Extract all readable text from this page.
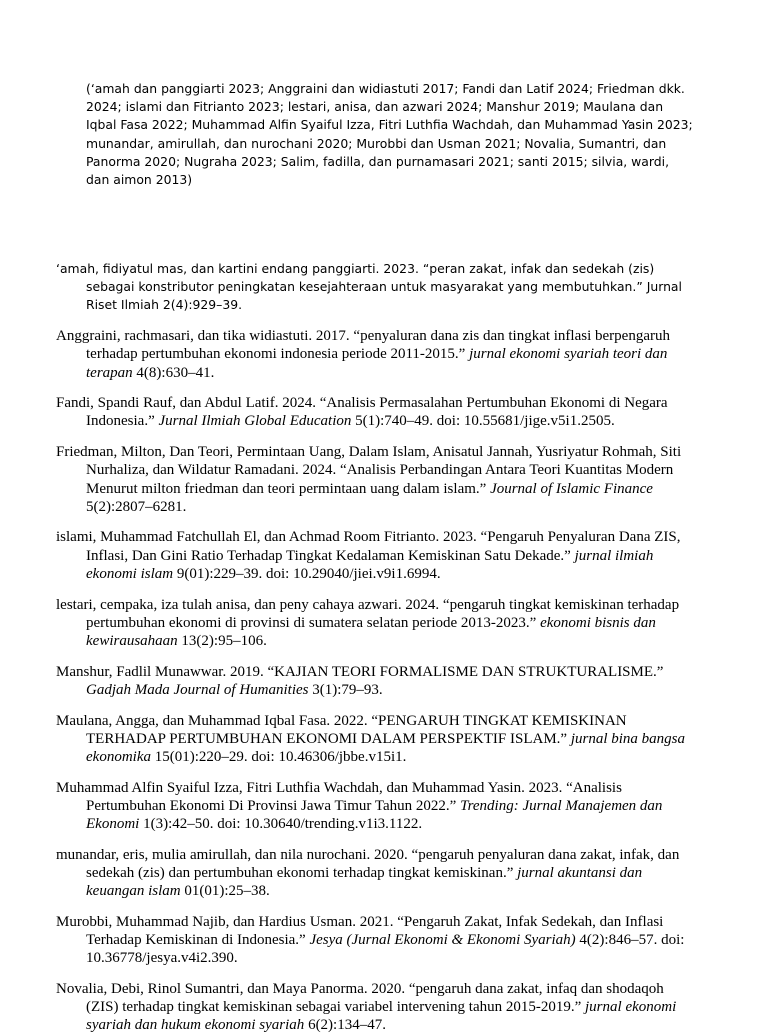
(‘amah dan panggiarti 2023; Anggraini dan widiastuti 2017; Fandi dan Latif 2024; Friedman dkk. 2024; islami dan Fitrianto 2023; lestari, anisa, dan azwari 2024; Manshur 2019; Maulana dan Iqbal Fasa 2022; Muhammad Alfin Syaiful Izza, Fitri Luthfia Wachdah, dan Muhammad Yasin 2023; munandar, amirullah, dan nurochani 2020; Murobbi dan Usman 2021; Novalia, Sumantri, dan Panorma 2020; Nugraha 2023; Salim, fadilla, dan purnamasari 2021; santi 2015; silvia, wardi, dan aimon 2013)

‘amah, fidiyatul mas, dan kartini endang panggiarti. 2023. “peran zakat, infak dan sedekah (zis) sebagai konstributor peningkatan kesejahteraan untuk masyarakat yang membutuhkan.” Jurnal Riset Ilmiah 2(4):929–39.

Anggraini, rachmasari, dan tika widiastuti. 2017. “penyaluran dana zis dan tingkat inflasi berpengaruh terhadap pertumbuhan ekonomi indonesia periode 2011-2015.” jurnal ekonomi syariah teori dan terapan 4(8):630–41.

Fandi, Spandi Rauf, dan Abdul Latif. 2024. “Analisis Permasalahan Pertumbuhan Ekonomi di Negara Indonesia.” Jurnal Ilmiah Global Education 5(1):740–49. doi: 10.55681/jige.v5i1.2505.

Friedman, Milton, Dan Teori, Permintaan Uang, Dalam Islam, Anisatul Jannah, Yusriyatur Rohmah, Siti Nurhaliza, dan Wildatur Ramadani. 2024. “Analisis Perbandingan Antara Teori Kuantitas Modern Menurut milton friedman dan teori permintaan uang dalam islam.” Journal of Islamic Finance 5(2):2807–6281.

islami, Muhammad Fatchullah El, dan Achmad Room Fitrianto. 2023. “Pengaruh Penyaluran Dana ZIS, Inflasi, Dan Gini Ratio Terhadap Tingkat Kedalaman Kemiskinan Satu Dekade.” jurnal ilmiah ekonomi islam 9(01):229–39. doi: 10.29040/jiei.v9i1.6994.

lestari, cempaka, iza tulah anisa, dan peny cahaya azwari. 2024. “pengaruh tingkat kemiskinan terhadap pertumbuhan ekonomi di provinsi di sumatera selatan periode 2013-2023.” ekonomi bisnis dan kewirausahaan 13(2):95–106.

Manshur, Fadlil Munawwar. 2019. “KAJIAN TEORI FORMALISME DAN STRUKTURALISME.” Gadjah Mada Journal of Humanities 3(1):79–93.

Maulana, Angga, dan Muhammad Iqbal Fasa. 2022. “PENGARUH TINGKAT KEMISKINAN TERHADAP PERTUMBUHAN EKONOMI DALAM PERSPEKTIF ISLAM.” jurnal bina bangsa ekonomika 15(01):220–29. doi: 10.46306/jbbe.v15i1.

Muhammad Alfin Syaiful Izza, Fitri Luthfia Wachdah, dan Muhammad Yasin. 2023. “Analisis Pertumbuhan Ekonomi Di Provinsi Jawa Timur Tahun 2022.” Trending: Jurnal Manajemen dan Ekonomi 1(3):42–50. doi: 10.30640/trending.v1i3.1122.

munandar, eris, mulia amirullah, dan nila nurochani. 2020. “pengaruh penyaluran dana zakat, infak, dan sedekah (zis) dan pertumbuhan ekonomi terhadap tingkat kemiskinan.” jurnal akuntansi dan keuangan islam 01(01):25–38.

Murobbi, Muhammad Najib, dan Hardius Usman. 2021. “Pengaruh Zakat, Infak Sedekah, dan Inflasi Terhadap Kemiskinan di Indonesia.” Jesya (Jurnal Ekonomi & Ekonomi Syariah) 4(2):846–57. doi: 10.36778/jesya.v4i2.390.

Novalia, Debi, Rinol Sumantri, dan Maya Panorma. 2020. “pengaruh dana zakat, infaq dan shodaqoh (ZIS) terhadap tingkat kemiskinan sebagai variabel intervening tahun 2015-2019.” jurnal ekonomi syariah dan hukum ekonomi syariah 6(2):134–47.
